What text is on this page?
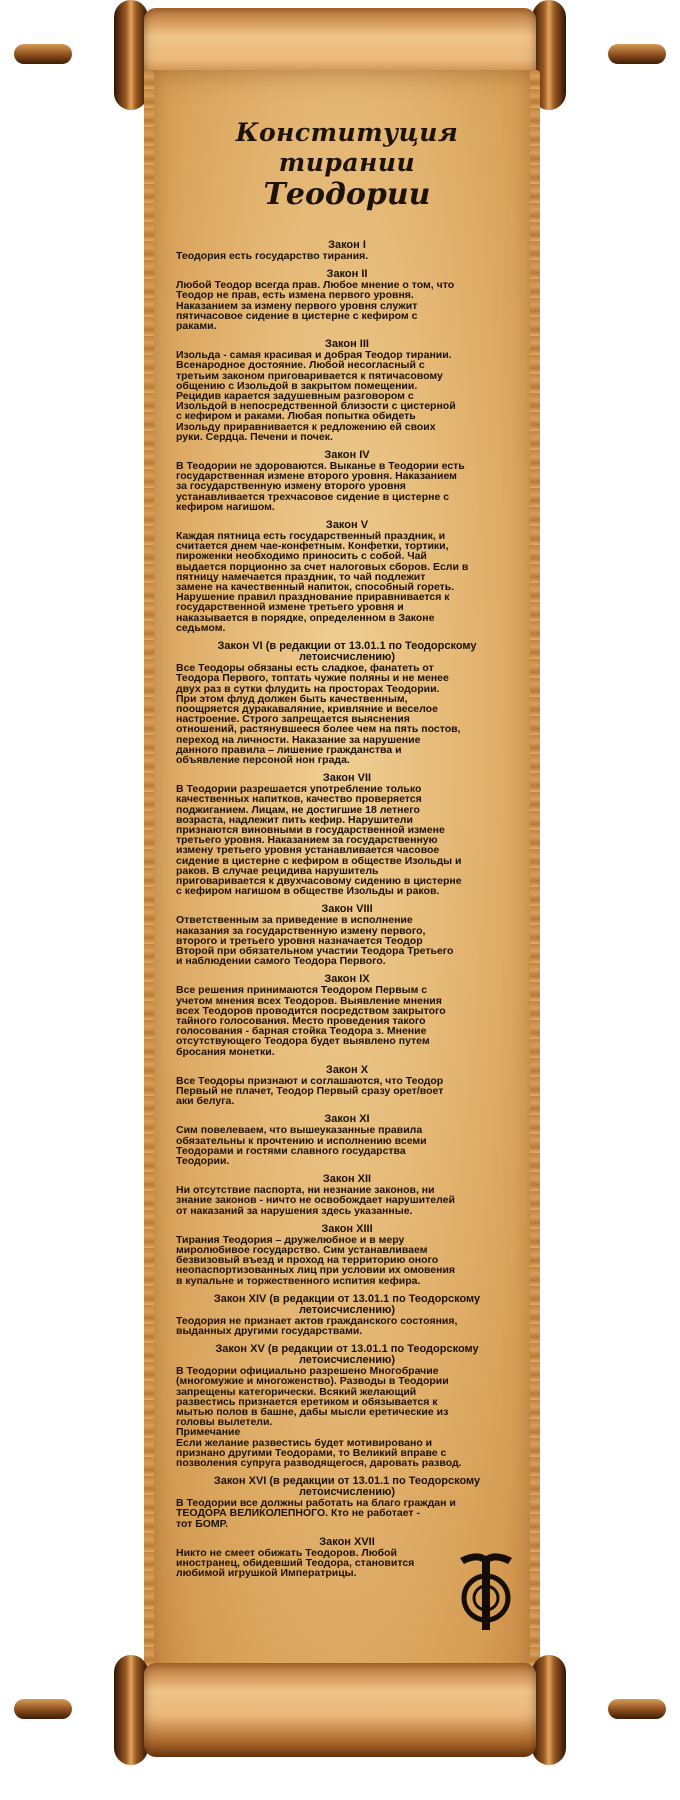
Конституция тирании
Теодории
Закон I
Теодория есть государство тирания.
Закон II
Любой Теодор всегда прав. Любое мнение о том, что
Теодор не прав, есть измена первого уровня.
Наказанием за измену первого уровня служит
пятичасовое сидение в цистерне с кефиром с
раками.
Закон III
Изольда - самая красивая и добрая Теодор тирании.
Всенародное достояние. Любой несогласный с
третьим законом приговаривается к пятичасовому
общению с Изольдой в закрытом помещении.
Рецидив карается задушевным разговором с
Изольдой в непосредственной близости с цистерной
с кефиром и раками. Любая попытка обидеть
Изольду приравнивается к редложению ей своих
руки. Сердца. Печени и почек.
Закон IV
В Теодории не здороваются. Выканье в Теодории есть
государственная измене второго уровня. Наказанием
за государственную измену второго уровня
устанавливается трехчасовое сидение в цистерне с
кефиром нагишом.
Закон V
Каждая пятница есть государственный праздник, и
считается днем чае-конфетным. Конфетки, тортики,
пироженки необходимо приносить с собой. Чай
выдается порционно за счет налоговых сборов. Если в
пятницу намечается праздник, то чай подлежит
замене на качественный напиток, способный гореть.
Нарушение правил празднование приравнивается к
государственной измене третьего уровня и
наказывается в порядке, определенном в Законе
седьмом.
Закон VI (в редакции от 13.01.1 по Теодорскому
летоисчислению)
Все Теодоры обязаны есть сладкое, фанатеть от
Теодора Первого, топтать чужие поляны и не менее
двух раз в сутки флудить на просторах Теодории.
При этом флуд должен быть качественным,
поощряется дуракаваляние, кривляние и веселое
настроение. Строго запрещается выяснения
отношений, растянувшееся более чем на пять постов,
переход на личности. Наказание за нарушение
данного правила – лишение гражданства и
объявление персоной нон града.
Закон VII
В Теодории разрешается употребление только
качественных напитков, качество проверяется
поджиганием. Лицам, не достигшие 18 летнего
возраста, надлежит пить кефир. Нарушители
признаются виновными в государственной измене
третьего уровня. Наказанием за государственную
измену третьего уровня устанавливается часовое
сидение в цистерне с кефиром в обществе Изольды и
раков. В случае рецидива нарушитель
приговаривается к двухчасовому сидению в цистерне
с кефиром нагишом в обществе Изольды и раков.
Закон VIII
Ответственным за приведение в исполнение
наказания за государственную измену первого,
второго и третьего уровня назначается Теодор
Второй при обязательном участии Теодора Третьего
и наблюдении самого Теодора Первого.
Закон IX
Все решения принимаются Теодором Первым с
учетом мнения всех Теодоров. Выявление мнения
всех Теодоров проводится посредством закрытого
тайного голосования. Место проведения такого
голосования - барная стойка Теодора з. Мнение
отсутствующего Теодора будет выявлено путем
бросания монетки.
Закон X
Все Теодоры признают и соглашаются, что Теодор
Первый не плачет, Теодор Первый сразу орет/воет
аки белуга.
Закон XI
Сим повелеваем, что вышеуказанные правила
обязательны к прочтению и исполнению всеми
Теодорами и гостями славного государства
Теодории.
Закон XII
Ни отсутствие паспорта, ни незнание законов, ни
знание законов - ничто не освобождает нарушителей
от наказаний за нарушения здесь указанные.
Закон XIII
Тирания Теодория – дружелюбное и в меру
миролюбивое государство. Сим устанавливаем
безвизовый въезд и проход на территорию оного
неопаспортизованных лиц при условии их омовения
в купальне и торжественного испития кефира.
Закон XIV (в редакции от 13.01.1 по Теодорскому
летоисчислению)
Теодория не признает актов гражданского состояния,
выданных другими государствами.
Закон XV (в редакции от 13.01.1 по Теодорскому
летоисчислению)
В Теодории официально разрешено Многобрачие
(многомужие и многоженство). Разводы в Теодории
запрещены категорически. Всякий желающий
развестись признается еретиком и обязывается к
мытью полов в башне, дабы мысли еретические из
головы вылетели.
Примечание
Если желание развестись будет мотивировано и
признано другими Теодорами, то Великий вправе с
позволения супруга разводящегося, даровать развод.
Закон XVI (в редакции от 13.01.1 по Теодорскому
летоисчислению)
В Теодории все должны работать на благо граждан и
ТЕОДОРА ВЕЛИКОЛЕПНОГО. Кто не работает -
тот БОМР.
Закон XVII
Никто не смеет обижать Теодоров. Любой
иностранец, обидевший Теодора, становится
любимой игрушкой Императрицы.
ТТ
